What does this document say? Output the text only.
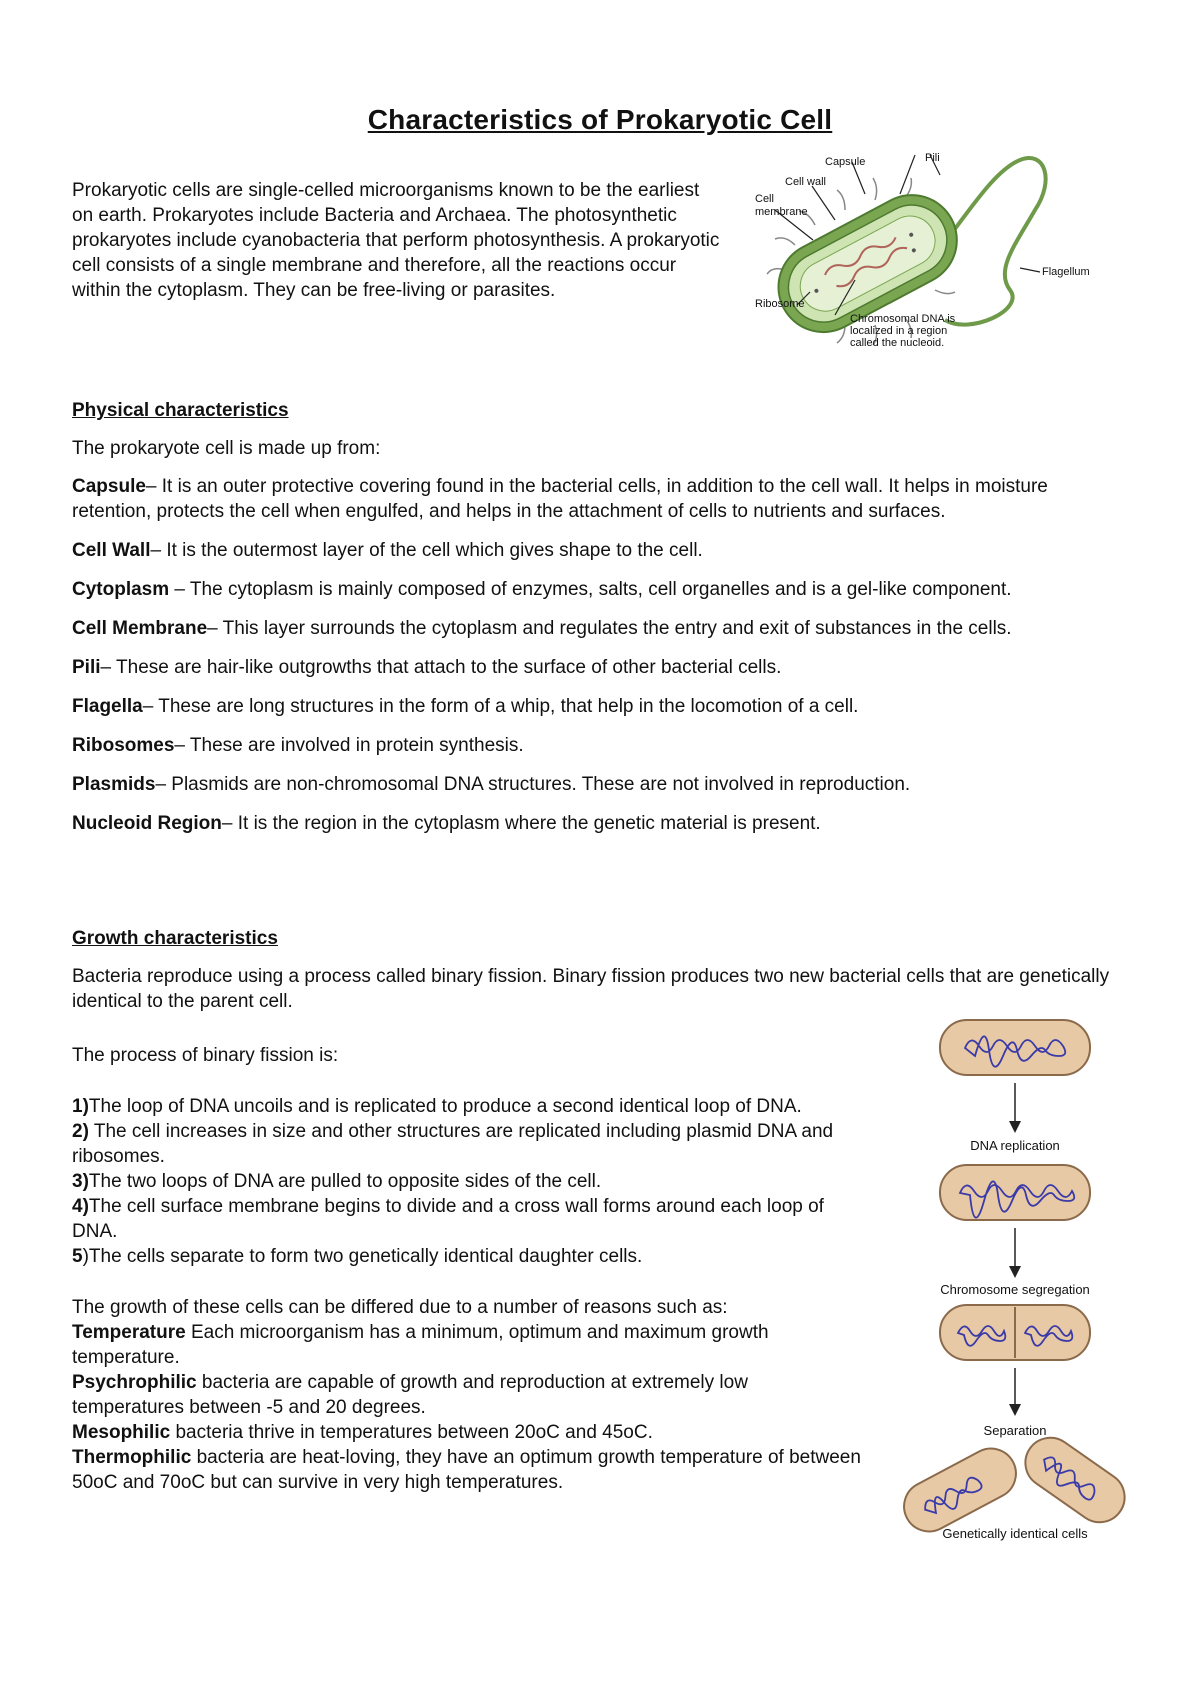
Characteristics of Prokaryotic Cell

Prokaryotic cells are single-celled microorganisms known to be the earliest on earth. Prokaryotes include Bacteria and Archaea. The photosynthetic prokaryotes include cyanobacteria that perform photosynthesis. A prokaryotic cell consists of a single membrane and therefore, all the reactions occur within the cytoplasm. They can be free-living or parasites.

Pili
Capsule
Cell wall
Cell
membrane
Flagellum
Ribosome
Chromosomal DNA is
localized in a region
called the nucleoid.
Physical characteristics
The prokaryote cell is made up from:
Capsule– It is an outer protective covering found in the bacterial cells, in addition to the cell wall. It helps in moisture retention, protects the cell when engulfed, and helps in the attachment of cells to nutrients and surfaces.
Cell Wall– It is the outermost layer of the cell which gives shape to the cell.
Cytoplasm – The cytoplasm is mainly composed of enzymes, salts, cell organelles and is a gel-like component.
Cell Membrane– This layer surrounds the cytoplasm and regulates the entry and exit of substances in the cells.
Pili– These are hair-like outgrowths that attach to the surface of other bacterial cells.
Flagella– These are long structures in the form of a whip, that help in the locomotion of a cell.
Ribosomes– These are involved in protein synthesis.
Plasmids– Plasmids are non-chromosomal DNA structures. These are not involved in reproduction.
Nucleoid Region– It is the region in the cytoplasm where the genetic material is present.
Growth characteristics
Bacteria reproduce using a process called binary fission. Binary fission produces two new bacterial cells that are genetically identical to the parent cell.
The process of binary fission is:
1)The loop of DNA uncoils and is replicated to produce a second identical loop of DNA.
2) The cell increases in size and other structures are replicated including plasmid DNA and ribosomes.
3)The two loops of DNA are pulled to opposite sides of the cell.
4)The cell surface membrane begins to divide and a cross wall forms around each loop of DNA.
5)The cells separate to form two genetically identical daughter cells.
The growth of these cells can be differed due to a number of reasons such as:
Temperature Each microorganism has a minimum, optimum and maximum growth temperature.
Psychrophilic bacteria are capable of growth and reproduction at extremely low temperatures between -5 and 20 degrees.
Mesophilic bacteria thrive in temperatures between 20oC and 45oC.
Thermophilic bacteria are heat-loving, they have an optimum growth temperature of between 50oC and 70oC but can survive in very high temperatures.
DNA replication
Chromosome segregation
Separation
Genetically identical cells
